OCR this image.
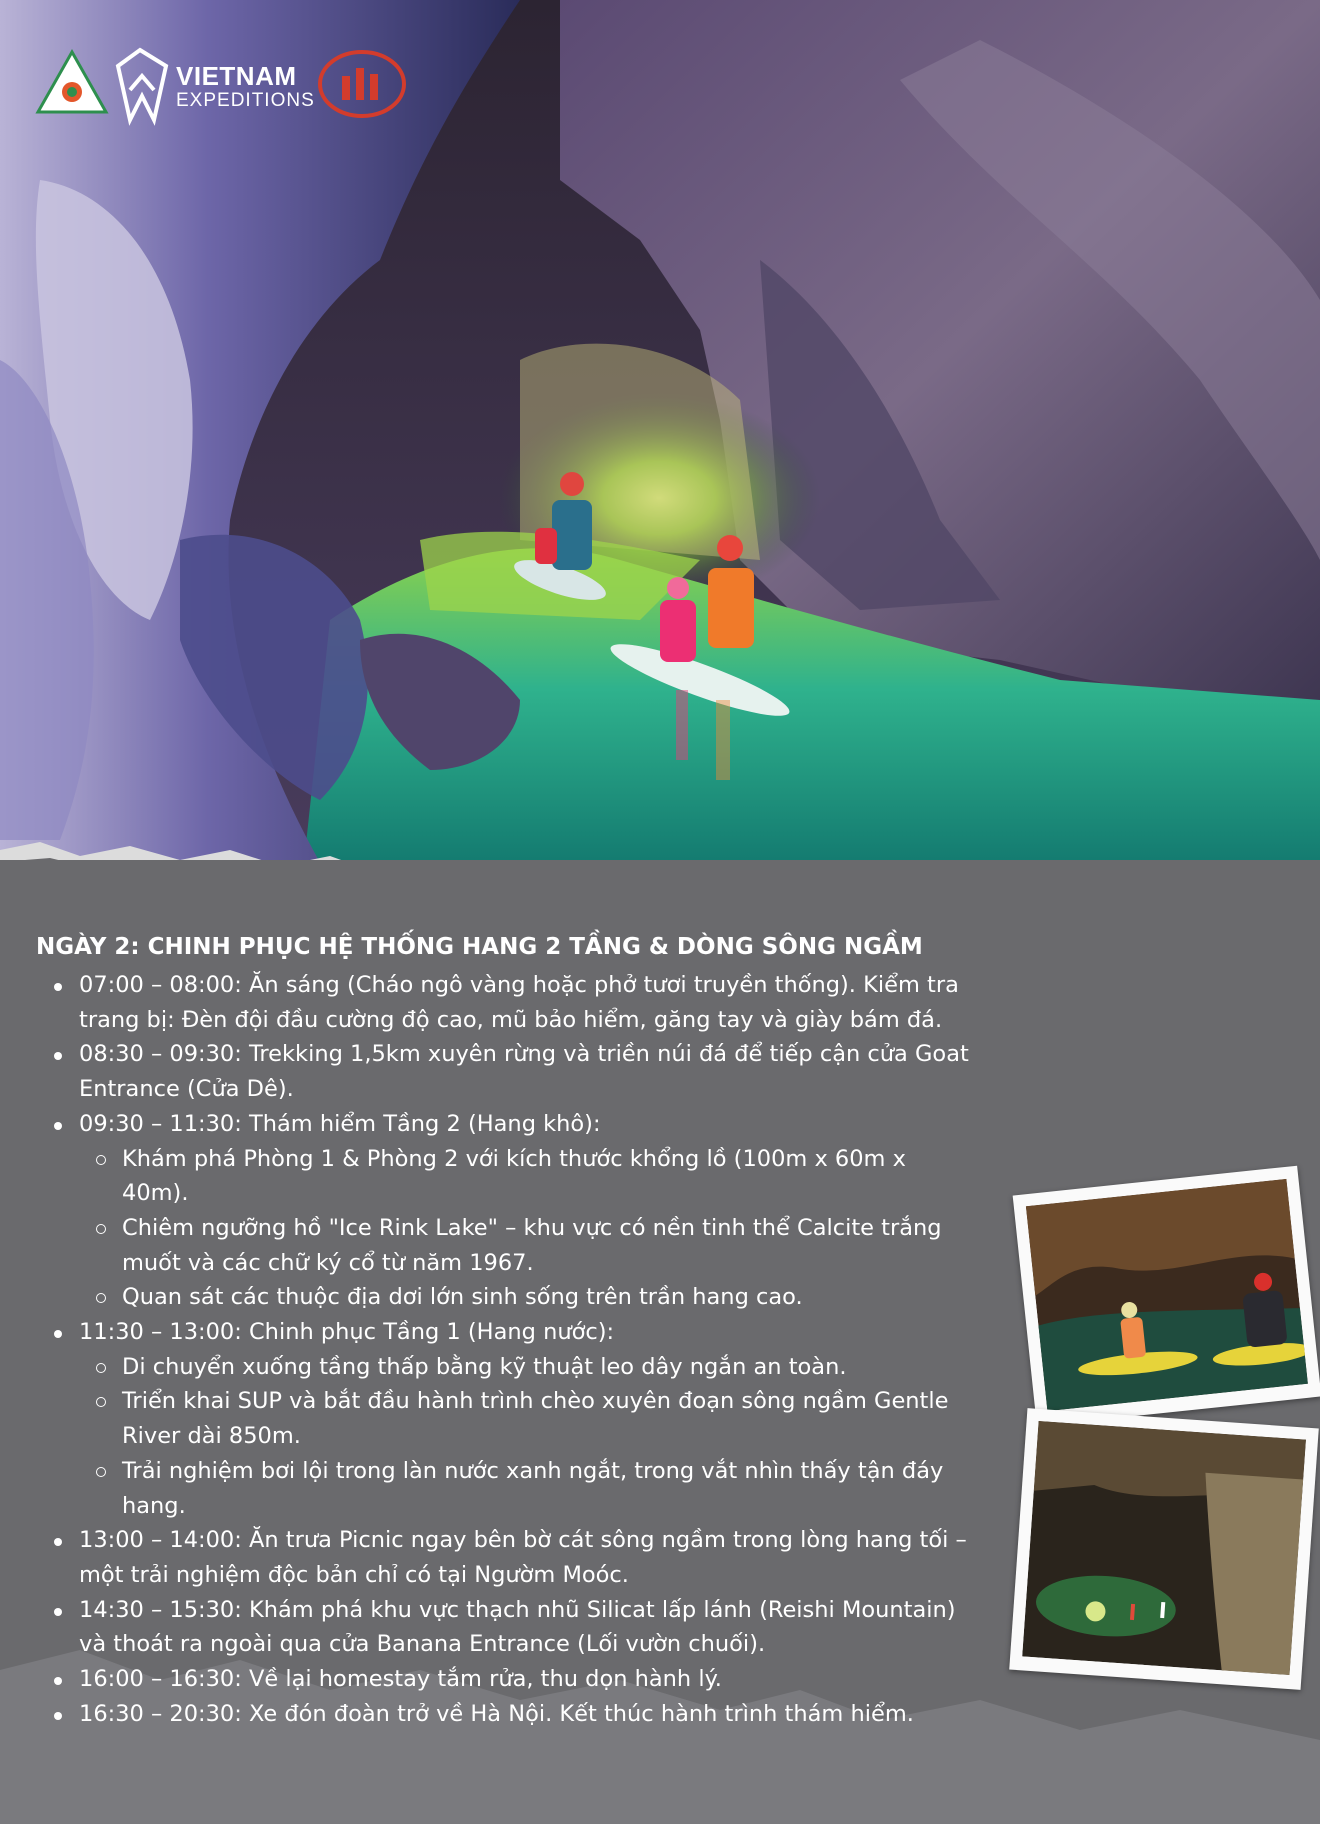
VIETNAM
EXPEDITIONS
NGÀY 2: CHINH PHỤC HỆ THỐNG HANG 2 TẦNG & DÒNG SÔNG NGẦM
07:00 – 08:00: Ăn sáng (Cháo ngô vàng hoặc phở tươi truyền thống). Kiểm tra trang bị: Đèn đội đầu cường độ cao, mũ bảo hiểm, găng tay và giày bám đá.
08:30 – 09:30: Trekking 1,5km xuyên rừng và triền núi đá để tiếp cận cửa Goat Entrance (Cửa Dê).
09:30 – 11:30: Thám hiểm Tầng 2 (Hang khô):
Khám phá Phòng 1 & Phòng 2 với kích thước khổng lồ (100m x 60m x 40m).
Chiêm ngưỡng hồ "Ice Rink Lake" – khu vực có nền tinh thể Calcite trắng muốt và các chữ ký cổ từ năm 1967.
Quan sát các thuộc địa dơi lớn sinh sống trên trần hang cao.
11:30 – 13:00: Chinh phục Tầng 1 (Hang nước):
Di chuyển xuống tầng thấp bằng kỹ thuật leo dây ngắn an toàn.
Triển khai SUP và bắt đầu hành trình chèo xuyên đoạn sông ngầm Gentle River dài 850m.
Trải nghiệm bơi lội trong làn nước xanh ngắt, trong vắt nhìn thấy tận đáy hang.
13:00 – 14:00: Ăn trưa Picnic ngay bên bờ cát sông ngầm trong lòng hang tối – một trải nghiệm độc bản chỉ có tại Ngườm Moóc.
14:30 – 15:30: Khám phá khu vực thạch nhũ Silicat lấp lánh (Reishi Mountain) và thoát ra ngoài qua cửa Banana Entrance (Lối vườn chuối).
16:00 – 16:30: Về lại homestay tắm rửa, thu dọn hành lý.
16:30 – 20:30: Xe đón đoàn trở về Hà Nội. Kết thúc hành trình thám hiểm.
